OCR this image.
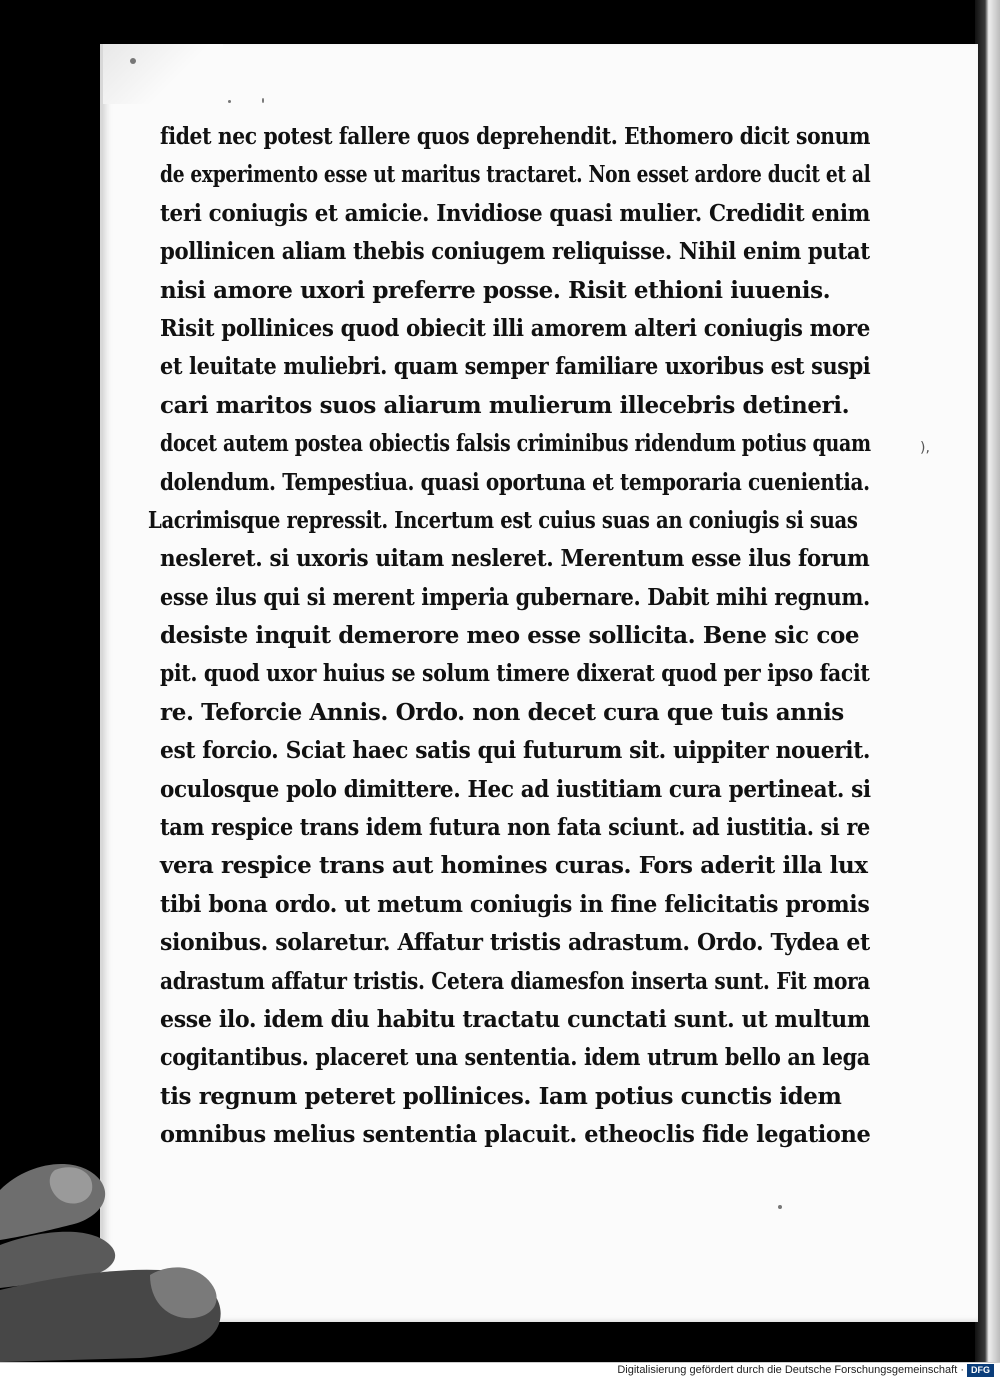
fidet nec potest fallere quos deprehendit. Ethomero dicit sonum
de experimento esse ut maritus tractaret. Non esset ardore ducit et al
teri coniugis et amicie. Invidiose quasi mulier. Credidit enim
pollinicen aliam thebis coniugem reliquisse. Nihil enim putat
nisi amore uxori preferre posse. Risit ethioni iuuenis.
Risit pollinices quod obiecit illi amorem alteri coniugis more
et leuitate muliebri. quam semper familiare uxoribus est suspi
cari maritos suos aliarum mulierum illecebris detineri.
docet autem postea obiectis falsis criminibus ridendum potius quam
dolendum. Tempestiua. quasi oportuna et temporaria cuenientia.
Lacrimisque repressit. Incertum est cuius suas an coniugis si suas
nesleret. si uxoris uitam nesleret. Merentum esse ilus forum
esse ilus qui si merent imperia gubernare. Dabit mihi regnum.
desiste inquit demerore meo esse sollicita. Bene sic coe
pit. quod uxor huius se solum timere dixerat quod per ipso facit
re. Teforcie Annis. Ordo. non decet cura que tuis annis
est forcio. Sciat haec satis qui futurum sit. uippiter nouerit.
oculosque polo dimittere. Hec ad iustitiam cura pertineat. si
tam respice trans idem futura non fata sciunt. ad iustitia. si re
vera respice trans aut homines curas. Fors aderit illa lux
tibi bona ordo. ut metum coniugis in fine felicitatis promis
sionibus. solaretur. Affatur tristis adrastum. Ordo. Tydea et
adrastum affatur tristis. Cetera diamesfon inserta sunt. Fit mora
esse ilo. idem diu habitu tractatu cunctati sunt. ut multum
cogitantibus. placeret una sententia. idem utrum bello an lega
tis regnum peteret pollinices. Iam potius cunctis idem
omnibus melius sententia placuit. etheoclis fide legatione
),
Digitalisierung gefördert durch die Deutsche Forschungsgemeinschaft · DFG
